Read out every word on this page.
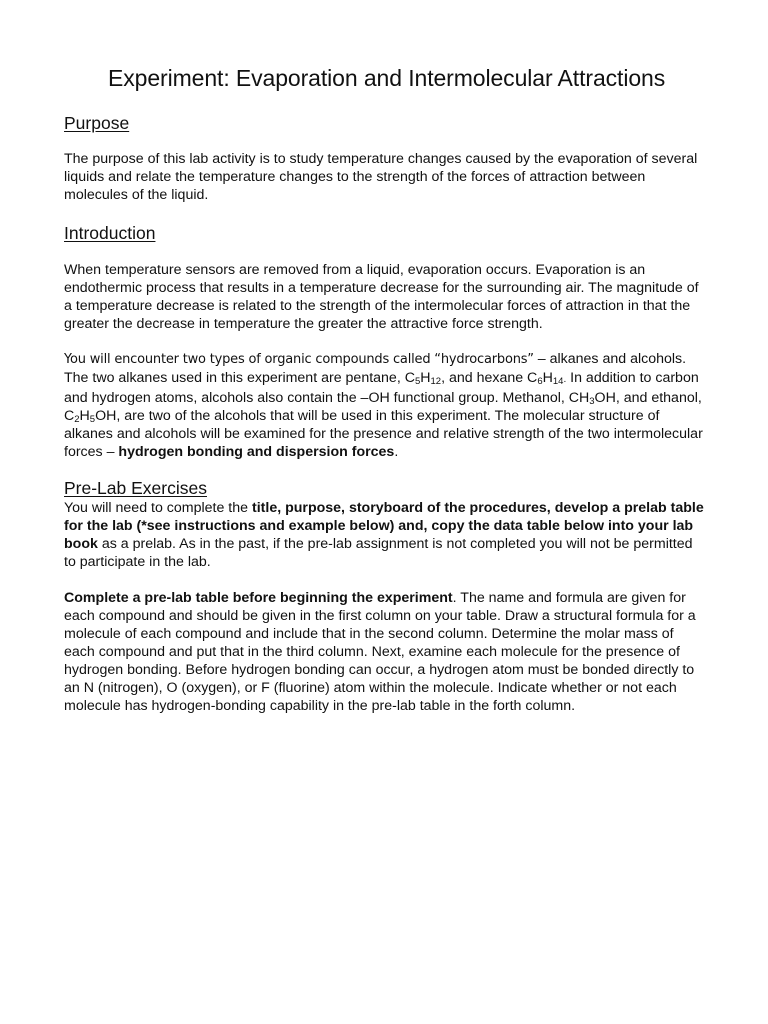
Experiment: Evaporation and Intermolecular Attractions
Purpose

The purpose of this lab activity is to study temperature changes caused by the evaporation of several liquids and relate the temperature changes to the strength of the forces of attraction between molecules of the liquid.

Introduction

When temperature sensors are removed from a liquid, evaporation occurs. Evaporation is an endothermic process that results in a temperature decrease for the surrounding air. The magnitude of a temperature decrease is related to the strength of the intermolecular forces of attraction in that the greater the decrease in temperature the greater the attractive force strength.

You will encounter two types of organic compounds called “hydrocarbons” – alkanes and alcohols. The two alkanes used in this experiment are pentane, $C_5H_{12}$, and hexane $C_6H_{14}$. In addition to carbon and hydrogen atoms, alcohols also contain the –OH functional group. Methanol, $CH_3OH$, and ethanol, $C_2H_5OH$, are two of the alcohols that will be used in this experiment. The molecular structure of alkanes and alcohols will be examined for the presence and relative strength of the two intermolecular forces – hydrogen bonding and dispersion forces.

Pre-Lab Exercises

You will need to complete the title, purpose, storyboard of the procedures, develop a prelab table for the lab (*see instructions and example below) and, copy the data table below into your lab book as a prelab. As in the past, if the pre-lab assignment is not completed you will not be permitted to participate in the lab.

Complete a pre-lab table before beginning the experiment. The name and formula are given for each compound and should be given in the first column on your table. Draw a structural formula for a molecule of each compound and include that in the second column. Determine the molar mass of each compound and put that in the third column. Next, examine each molecule for the presence of hydrogen bonding. Before hydrogen bonding can occur, a hydrogen atom must be bonded directly to an N (nitrogen), O (oxygen), or F (fluorine) atom within the molecule. Indicate whether or not each molecule has hydrogen-bonding capability in the pre-lab table in the forth column.
